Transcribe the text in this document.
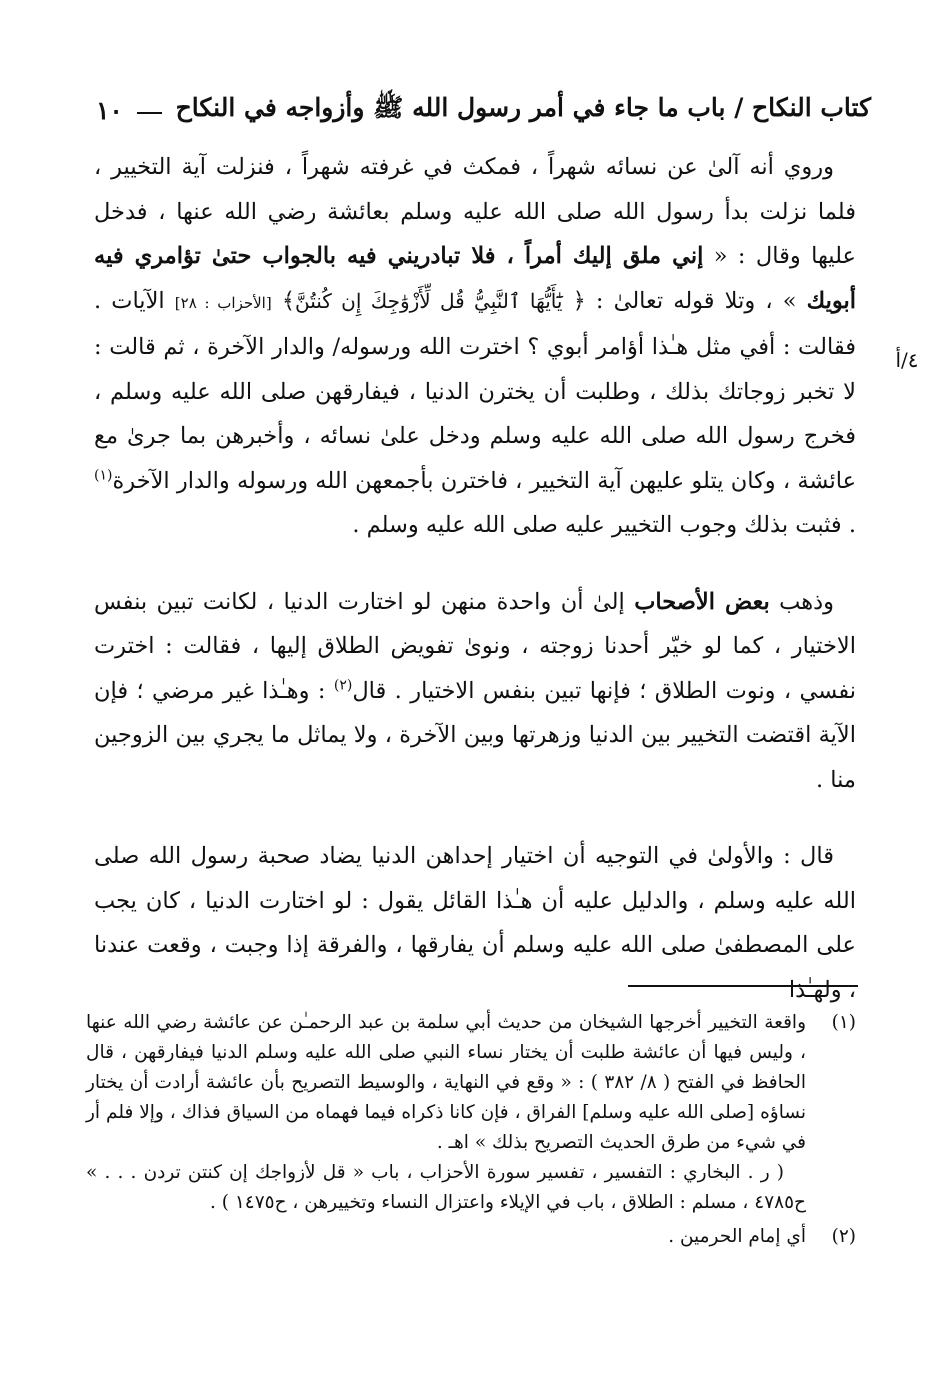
كتاب النكاح / باب ما جاء في أمر رسول الله ﷺ وأزواجه في النكاح
١٠
٤/أ

وروي أنه آلىٰ عن نسائه شهراً ، فمكث في غرفته شهراً ، فنزلت آية التخيير ، فلما نزلت بدأ رسول الله صلى الله عليه وسلم بعائشة رضي الله عنها ، فدخل عليها وقال : « إني ملق إليك أمراً ، فلا تبادريني فيه بالجواب حتىٰ تؤامري فيه أبويك » ، وتلا قوله تعالىٰ : ﴿ يَٰٓأَيُّهَا ٱلنَّبِيُّ قُل لِّأَزْوَٰجِكَ إِن كُنتُنَّ﴾ [الأحزاب : ٢٨] الآيات . فقالت : أفي مثل هـٰذا أؤامر أبوي ؟ اخترت الله ورسوله/ والدار الآخرة ، ثم قالت : لا تخبر زوجاتك بذلك ، وطلبت أن يخترن الدنيا ، فيفارقهن صلى الله عليه وسلم ، فخرج رسول الله صلى الله عليه وسلم ودخل علىٰ نسائه ، وأخبرهن بما جرىٰ مع عائشة ، وكان يتلو عليهن آية التخيير ، فاخترن بأجمعهن الله ورسوله والدار الآخرة$^{(١)}$ . فثبت بذلك وجوب التخيير عليه صلى الله عليه وسلم .

وذهب بعض الأصحاب إلىٰ أن واحدة منهن لو اختارت الدنيا ، لكانت تبين بنفس الاختيار ، كما لو خيّر أحدنا زوجته ، ونوىٰ تفويض الطلاق إليها ، فقالت : اخترت نفسي ، ونوت الطلاق ؛ فإنها تبين بنفس الاختيار . قال$^{(٢)}$ : وهـٰذا غير مرضي ؛ فإن الآية اقتضت التخيير بين الدنيا وزهرتها وبين الآخرة ، ولا يماثل ما يجري بين الزوجين منا .

قال : والأولىٰ في التوجيه أن اختيار إحداهن الدنيا يضاد صحبة رسول الله صلى الله عليه وسلم ، والدليل عليه أن هـٰذا القائل يقول : لو اختارت الدنيا ، كان يجب على المصطفىٰ صلى الله عليه وسلم أن يفارقها ، والفرقة إذا وجبت ، وقعت عندنا ، ولهـٰذا

(١)
واقعة التخيير أخرجها الشيخان من حديث أبي سلمة بن عبد الرحمـٰن عن عائشة رضي الله عنها ، وليس فيها أن عائشة طلبت أن يختار نساء النبي صلى الله عليه وسلم الدنيا فيفارقهن ، قال الحافظ في الفتح ( ٨/ ٣٨٢ ) : « وقع في النهاية ، والوسيط التصريح بأن عائشة أرادت أن يختار نساؤه [صلى الله عليه وسلم] الفراق ، فإن كانا ذكراه فيما فهماه من السياق فذاك ، وإلا فلم أر في شيء من طرق الحديث التصريح بذلك » اهـ .
( ر . البخاري : التفسير ، تفسير سورة الأحزاب ، باب « قل لأزواجك إن كنتن تردن . . . » ح٤٧٨٥ ، مسلم : الطلاق ، باب في الإيلاء واعتزال النساء وتخييرهن ، ح١٤٧٥ ) .
(٢)
أي إمام الحرمين .
